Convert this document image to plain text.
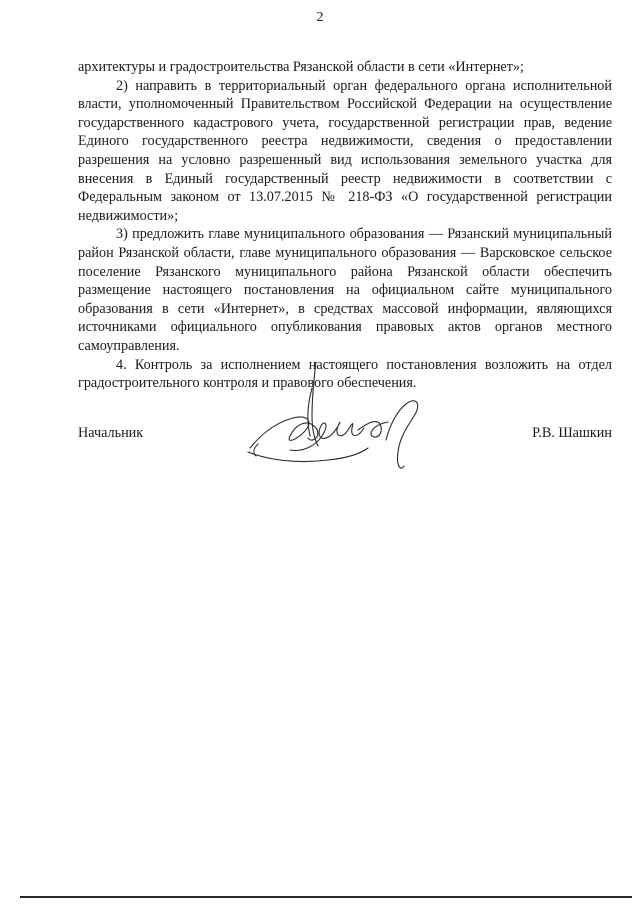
2

архитектуры и градостроительства Рязанской области в сети «Интернет»;

2) направить в территориальный орган федерального органа исполнительной власти, уполномоченный Правительством Российской Федерации на осуществление государственного кадастрового учета, государственной регистрации прав, ведение Единого государственного реестра недвижимости, сведения о предоставлении разрешения на условно разрешенный вид использования земельного участка для внесения в Единый государственный реестр недвижимости в соответствии с Федеральным законом от 13.07.2015 № 218-ФЗ «О государственной регистрации недвижимости»;

3) предложить главе муниципального образования — Рязанский муниципальный район Рязанской области, главе муниципального образования — Варсковское сельское поселение Рязанского муниципального района Рязанской области обеспечить размещение настоящего постановления на официальном сайте муниципального образования в сети «Интернет», в средствах массовой информации, являющихся источниками официального опубликования правовых актов органов местного самоуправления.

4. Контроль за исполнением настоящего постановления возложить на отдел градостроительного контроля и правового обеспечения.

Начальник	Р.В. Шашкин
